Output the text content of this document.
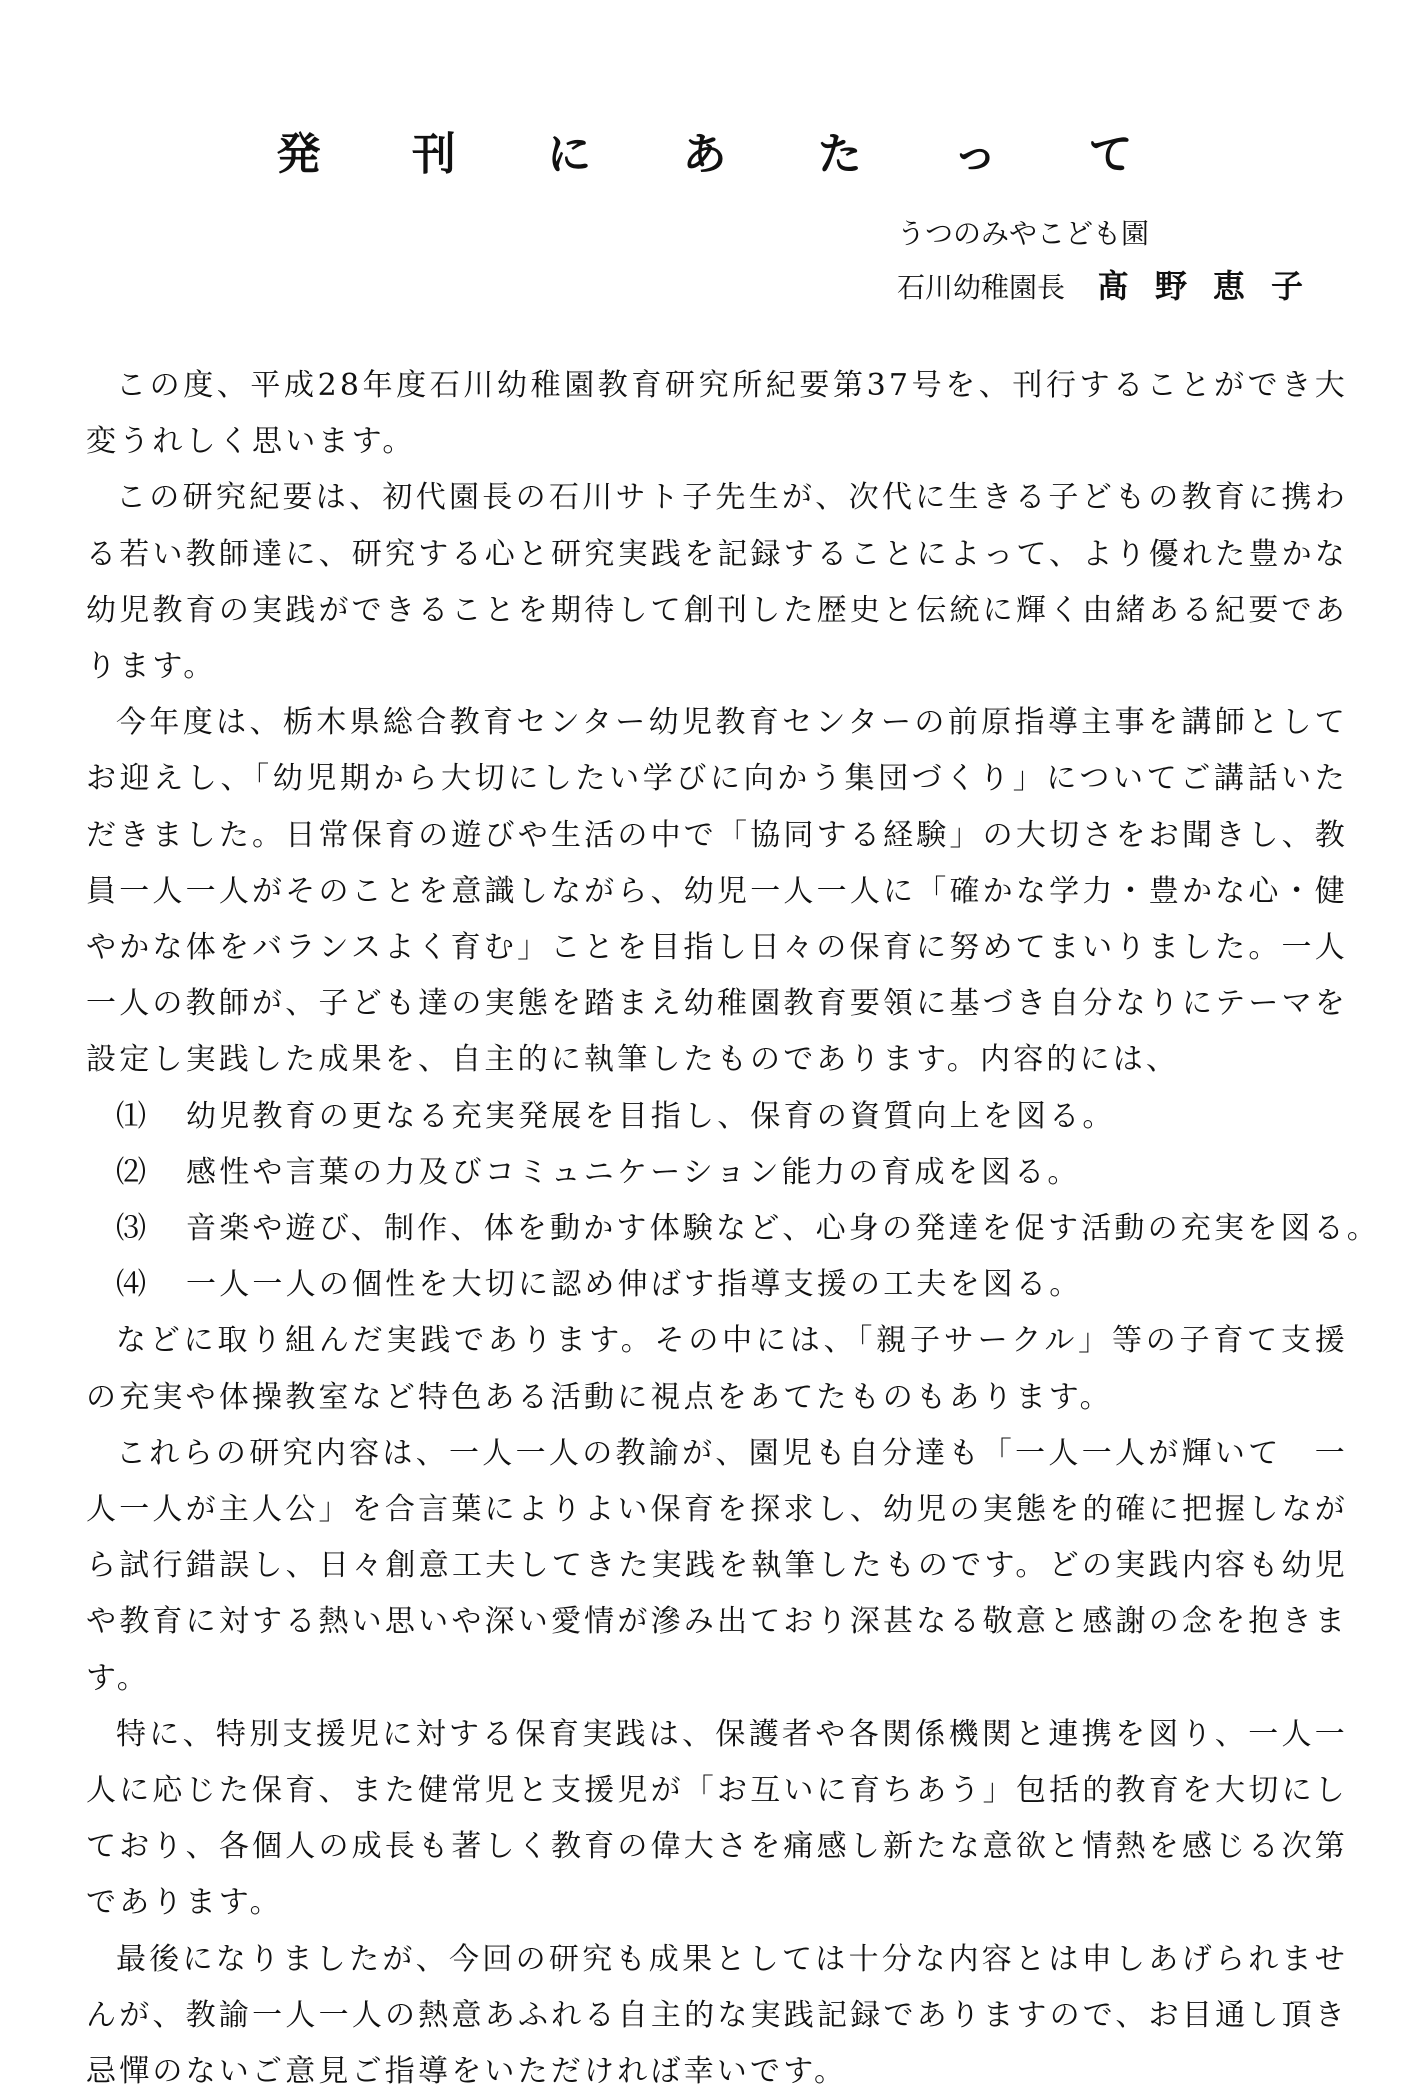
発 刊 に あ た っ て
うつのみやこども園
石川幼稚園長 髙野恵子

この度、平成28年度石川幼稚園教育研究所紀要第37号を、刊行することができ大変うれしく思います。

この研究紀要は、初代園長の石川サト子先生が、次代に生きる子どもの教育に携わる若い教師達に、研究する心と研究実践を記録することによって、より優れた豊かな幼児教育の実践ができることを期待して創刊した歴史と伝統に輝く由緒ある紀要であります。

今年度は、栃木県総合教育センター幼児教育センターの前原指導主事を講師としてお迎えし、「幼児期から大切にしたい学びに向かう集団づくり」についてご講話いただきました。日常保育の遊びや生活の中で「協同する経験」の大切さをお聞きし、教員一人一人がそのことを意識しながら、幼児一人一人に「確かな学力・豊かな心・健やかな体をバランスよく育む」ことを目指し日々の保育に努めてまいりました。一人一人の教師が、子ども達の実態を踏まえ幼稚園教育要領に基づき自分なりにテーマを設定し実践した成果を、自主的に執筆したものであります。内容的には、

⑴	幼児教育の更なる充実発展を目指し、保育の資質向上を図る。
⑵	感性や言葉の力及びコミュニケーション能力の育成を図る。
⑶	音楽や遊び、制作、体を動かす体験など、心身の発達を促す活動の充実を図る。
⑷	一人一人の個性を大切に認め伸ばす指導支援の工夫を図る。

などに取り組んだ実践であります。その中には、「親子サークル」等の子育て支援の充実や体操教室など特色ある活動に視点をあてたものもあります。

これらの研究内容は、一人一人の教諭が、園児も自分達も「一人一人が輝いて　一人一人が主人公」を合言葉によりよい保育を探求し、幼児の実態を的確に把握しながら試行錯誤し、日々創意工夫してきた実践を執筆したものです。どの実践内容も幼児や教育に対する熱い思いや深い愛情が滲み出ており深甚なる敬意と感謝の念を抱きます。

特に、特別支援児に対する保育実践は、保護者や各関係機関と連携を図り、一人一人に応じた保育、また健常児と支援児が「お互いに育ちあう」包括的教育を大切にしており、各個人の成長も著しく教育の偉大さを痛感し新たな意欲と情熱を感じる次第であります。

最後になりましたが、今回の研究も成果としては十分な内容とは申しあげられませんが、教諭一人一人の熱意あふれる自主的な実践記録でありますので、お目通し頂き忌憚のないご意見ご指導をいただければ幸いです。
